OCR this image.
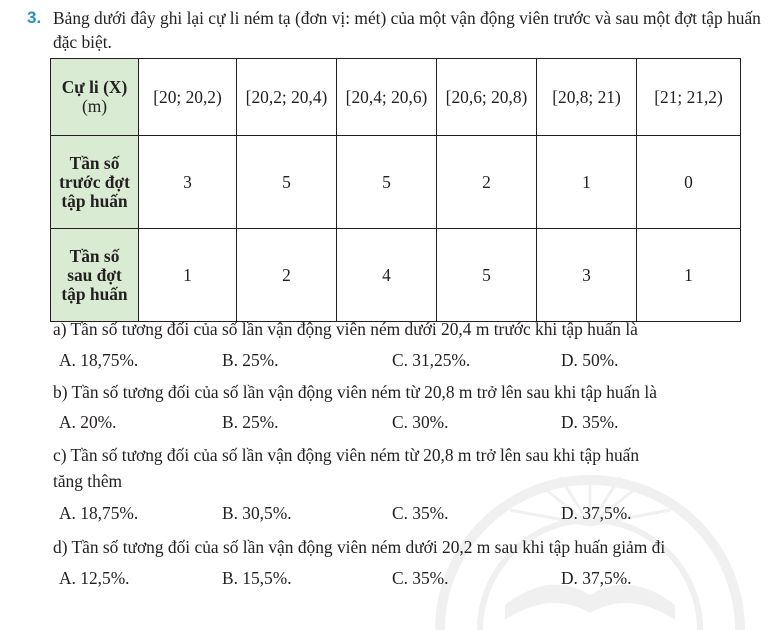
3. Bảng dưới đây ghi lại cự li ném tạ (đơn vị: mét) của một vận động viên trước và sau một đợt tập huấn đặc biệt.
Cự li (X)
(m)	[20; 20,2)	[20,2; 20,4)	[20,4; 20,6)	[20,6; 20,8)	[20,8; 21)	[21; 21,2)

Tần số
trước đợt
tập huấn	3	5	5	2	1	0

Tần số
sau đợt
tập huấn	1	2	4	5	3	1
a) Tần số tương đối của số lần vận động viên ném dưới 20,4 m trước khi tập huấn là
A. 18,75%.	B. 25%.	C. 31,25%.	D. 50%.
b) Tần số tương đối của số lần vận động viên ném từ 20,8 m trở lên sau khi tập huấn là
A. 20%.	B. 25%.	C. 30%.	D. 35%.
c) Tần số tương đối của số lần vận động viên ném từ 20,8 m trở lên sau khi tập huấn
tăng thêm
A. 18,75%.	B. 30,5%.	C. 35%.	D. 37,5%.
d) Tần số tương đối của số lần vận động viên ném dưới 20,2 m sau khi tập huấn giảm đi
A. 12,5%.	B. 15,5%.	C. 35%.	D. 37,5%.
